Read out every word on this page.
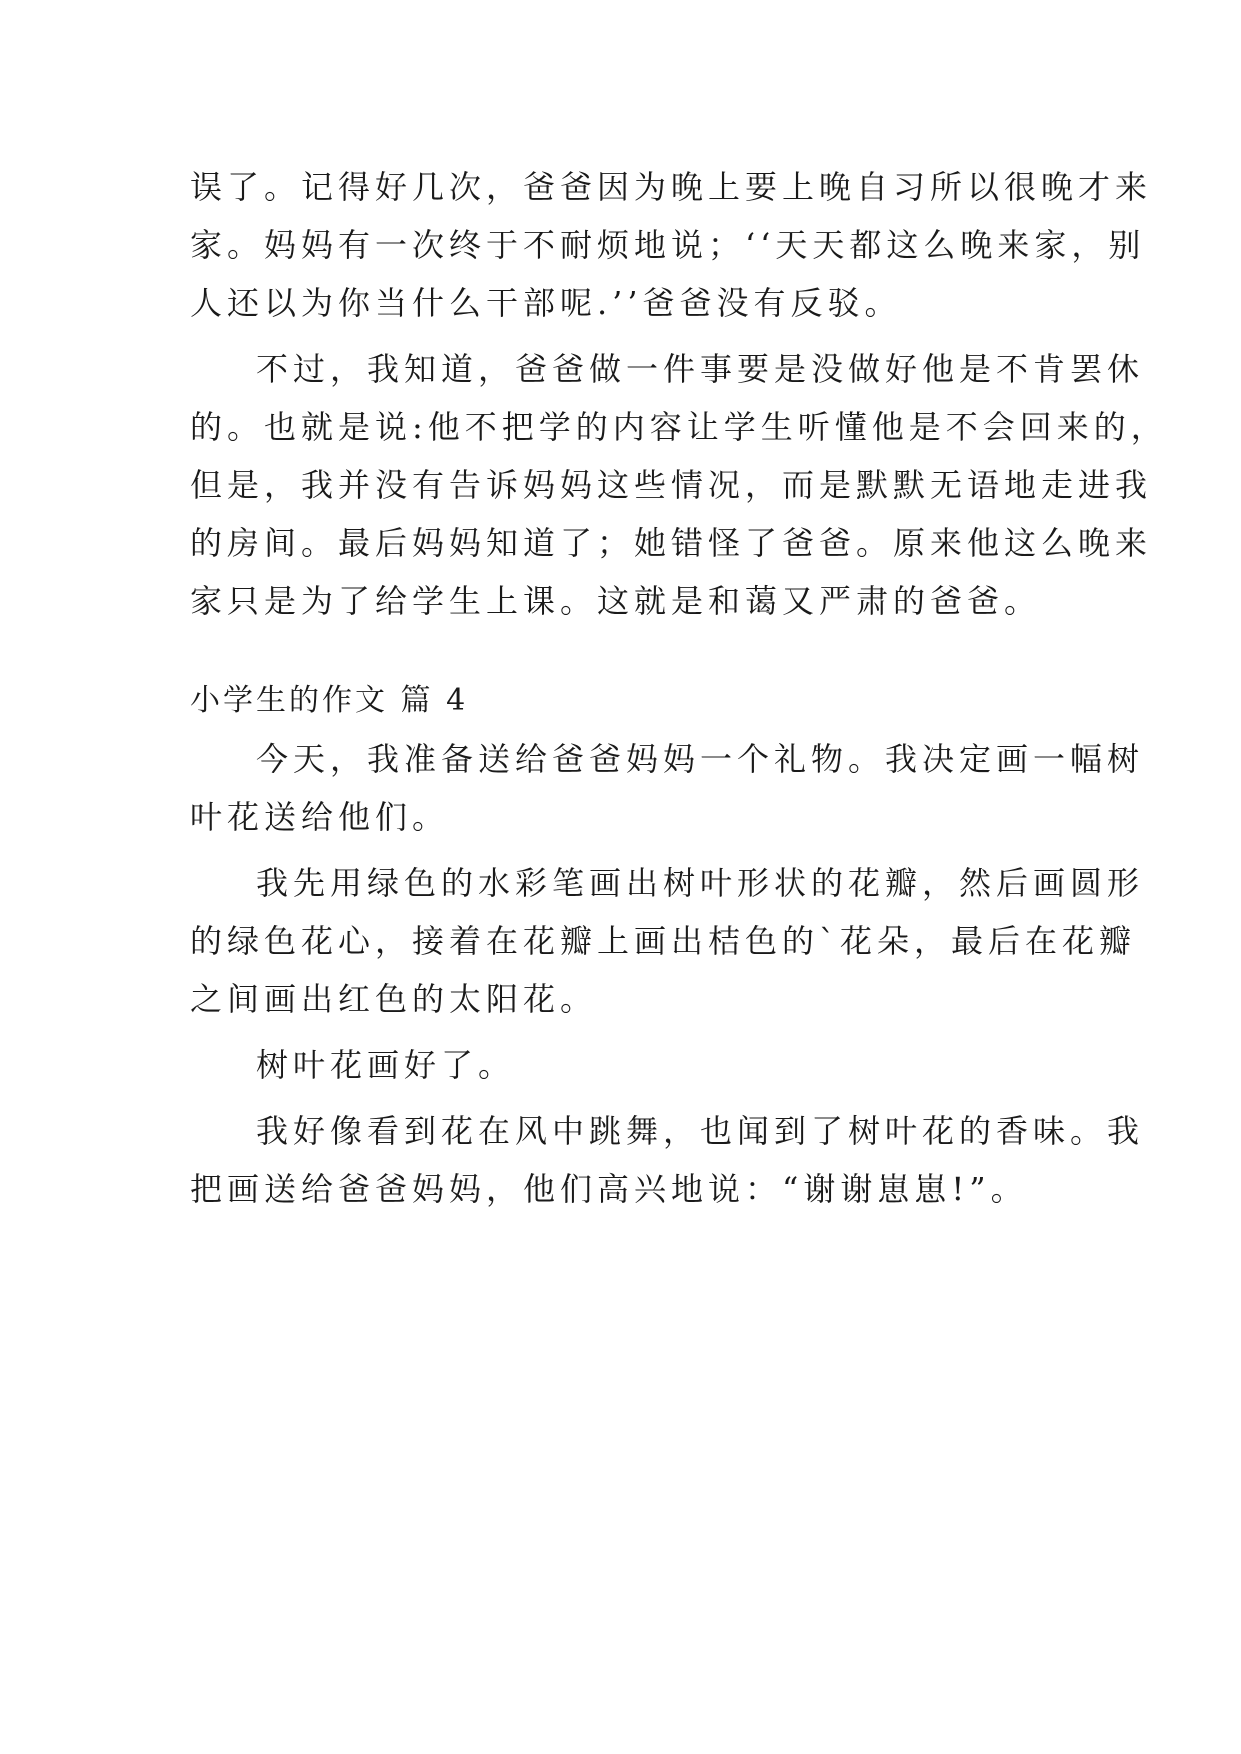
误了。记得好几次，爸爸因为晚上要上晚自习所以很晚才来
家。妈妈有一次终于不耐烦地说；‘‘天天都这么晚来家，别
人还以为你当什么干部呢.’’爸爸没有反驳。

不过，我知道，爸爸做一件事要是没做好他是不肯罢休
的。也就是说:他不把学的内容让学生听懂他是不会回来的，
但是，我并没有告诉妈妈这些情况，而是默默无语地走进我
的房间。最后妈妈知道了；她错怪了爸爸。原来他这么晚来
家只是为了给学生上课。这就是和蔼又严肃的爸爸。

小学生的作文 篇 4

今天，我准备送给爸爸妈妈一个礼物。我决定画一幅树
叶花送给他们。

我先用绿色的水彩笔画出树叶形状的花瓣，然后画圆形
的绿色花心，接着在花瓣上画出桔色的`花朵，最后在花瓣
之间画出红色的太阳花。

树叶花画好了。

我好像看到花在风中跳舞，也闻到了树叶花的香味。我
把画送给爸爸妈妈，他们高兴地说：“谢谢崽崽!”。
